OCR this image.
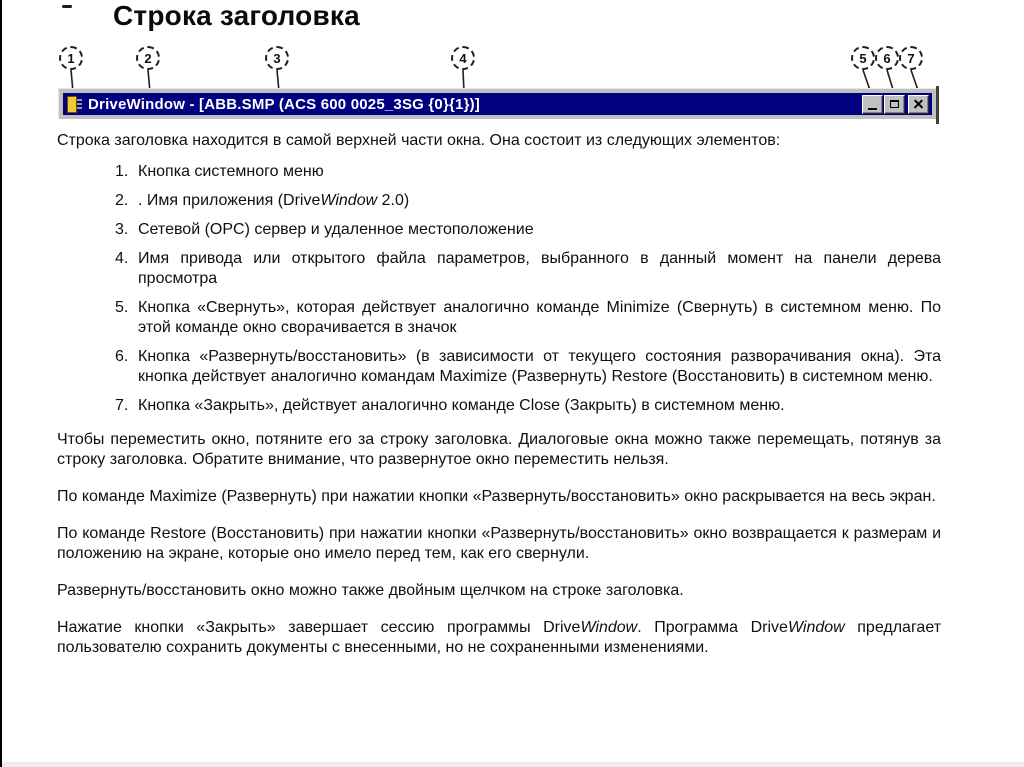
Строка заголовка
1	2	3	4	5	6	7
DriveWindow - [ABB.SMP (ACS 600 0025_3SG {0}{1})]

Строка заголовка находится в самой верхней части окна. Она состоит из следующих элементов:

1. Кнопка системного меню
2. . Имя приложения (DriveWindow 2.0)
3. Сетевой (OPC) сервер и удаленное местоположение
4. Имя привода или открытого файла параметров, выбранного в данный момент на панели дерева просмотра
5. Кнопка «Свернуть», которая действует аналогично команде Minimize (Свернуть) в системном меню. По этой команде окно сворачивается в значок
6. Кнопка «Развернуть/восстановить» (в зависимости от текущего состояния разворачивания окна). Эта кнопка действует аналогично командам Maximize (Развернуть) Restore (Восстановить) в системном меню.
7. Кнопка «Закрыть», действует аналогично команде Close (Закрыть) в системном меню.

Чтобы переместить окно, потяните его за строку заголовка. Диалоговые окна можно также перемещать, потянув за строку заголовка. Обратите внимание, что развернутое окно переместить нельзя.

По команде Maximize (Развернуть) при нажатии кнопки «Развернуть/восстановить» окно раскрывается на весь экран.

По команде Restore (Восстановить) при нажатии кнопки «Развернуть/восстановить» окно возвращается к размерам и положению на экране, которые оно имело перед тем, как его свернули.

Развернуть/восстановить окно можно также двойным щелчком на строке заголовка.

Нажатие кнопки «Закрыть» завершает сессию программы DriveWindow. Программа DriveWindow предлагает пользователю сохранить документы с внесенными, но не сохраненными изменениями.
